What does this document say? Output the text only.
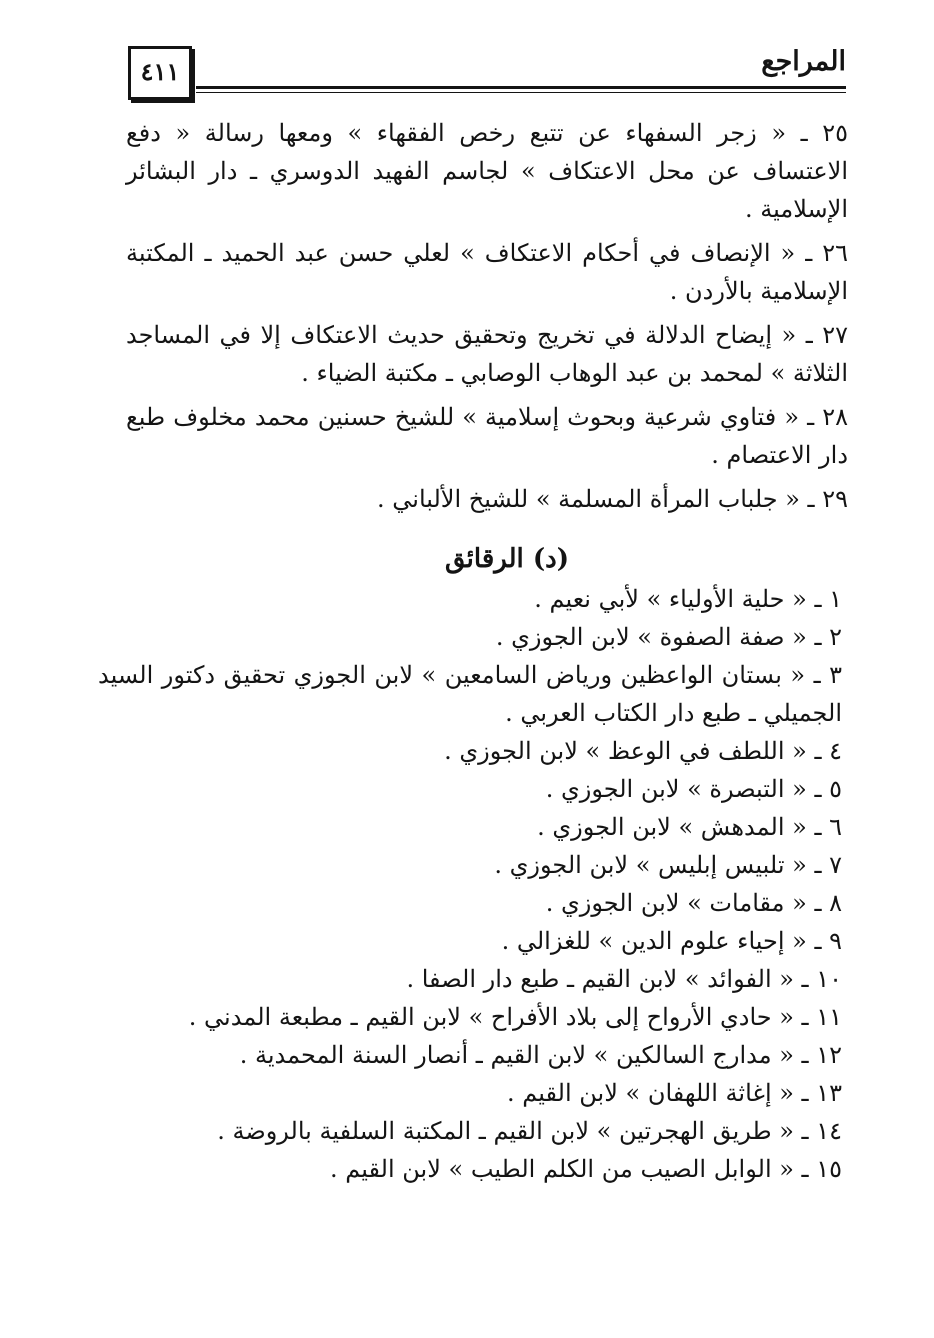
المراجع
٤١١

٢٥ ـ « زجر السفهاء عن تتبع رخص الفقهاء » ومعها رسالة « دفع الاعتساف عن محل الاعتكاف » لجاسم الفهيد الدوسري ـ دار البشائر الإسلامية .

٢٦ ـ « الإنصاف في أحكام الاعتكاف » لعلي حسن عبد الحميد ـ المكتبة الإسلامية بالأردن .

٢٧ ـ « إيضاح الدلالة في تخريج وتحقيق حديث الاعتكاف إلا في المساجد الثلاثة » لمحمد بن عبد الوهاب الوصابي ـ مكتبة الضياء .

٢٨ ـ « فتاوي شرعية وبحوث إسلامية » للشيخ حسنين محمد مخلوف طبع دار الاعتصام .

٢٩ ـ « جلباب المرأة المسلمة » للشيخ الألباني .

(د) الرقائق
١ ـ « حلية الأولياء » لأبي نعيم .
٢ ـ « صفة الصفوة » لابن الجوزي .
٣ ـ « بستان الواعظين ورياض السامعين » لابن الجوزي تحقيق دكتور السيد الجميلي ـ طبع دار الكتاب العربي .
٤ ـ « اللطف في الوعظ » لابن الجوزي .
٥ ـ « التبصرة » لابن الجوزي .
٦ ـ « المدهش » لابن الجوزي .
٧ ـ « تلبيس إبليس » لابن الجوزي .
٨ ـ « مقامات » لابن الجوزي .
٩ ـ « إحياء علوم الدين » للغزالي .
١٠ ـ « الفوائد » لابن القيم ـ طبع دار الصفا .
١١ ـ « حادي الأرواح إلى بلاد الأفراح » لابن القيم ـ مطبعة المدني .
١٢ ـ « مدارج السالكين » لابن القيم ـ أنصار السنة المحمدية .
١٣ ـ « إغاثة اللهفان » لابن القيم .
١٤ ـ « طريق الهجرتين » لابن القيم ـ المكتبة السلفية بالروضة .
١٥ ـ « الوابل الصيب من الكلم الطيب » لابن القيم .
